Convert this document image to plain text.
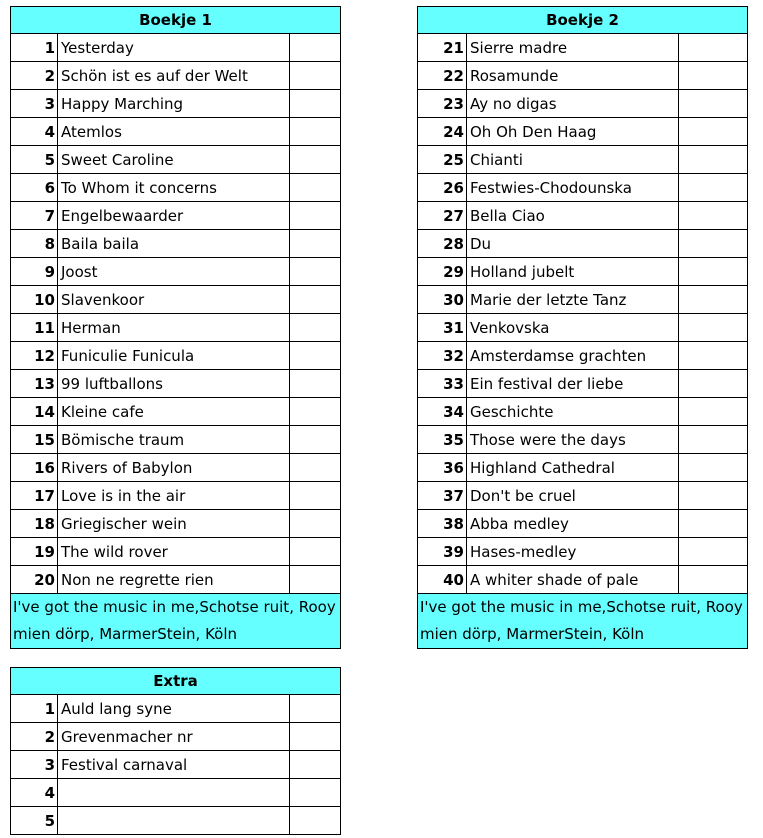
Boekje 1		
1	Yesterday	
2	Schön ist es auf der Welt	
3	Happy Marching	
4	Atemlos	
5	Sweet Caroline	
6	To Whom it concerns	
7	Engelbewaarder	
8	Baila baila	
9	Joost	
10	Slavenkoor	
11	Herman	
12	Funiculie Funicula	
13	99 luftballons	
14	Kleine cafe	
15	Bömische traum	
16	Rivers of Babylon	
17	Love is in the air	
18	Griegischer wein	
19	The wild rover	
20	Non ne regrette rien	
I've got the music in me,Schotse ruit, Rooy mien dörp, MarmerStein, Köln		
Boekje 2		
21	Sierre madre	
22	Rosamunde	
23	Ay no digas	
24	Oh Oh Den Haag	
25	Chianti	
26	Festwies-Chodounska	
27	Bella Ciao	
28	Du	
29	Holland jubelt	
30	Marie der letzte Tanz	
31	Venkovska	
32	Amsterdamse grachten	
33	Ein festival der liebe	
34	Geschichte	
35	Those were the days	
36	Highland Cathedral	
37	Don't be cruel	
38	Abba medley	
39	Hases-medley	
40	A whiter shade of pale	
I've got the music in me,Schotse ruit, Rooy mien dörp, MarmerStein, Köln		
Extra		
1	Auld lang syne	
2	Grevenmacher nr	
3	Festival carnaval	
4		
5		
